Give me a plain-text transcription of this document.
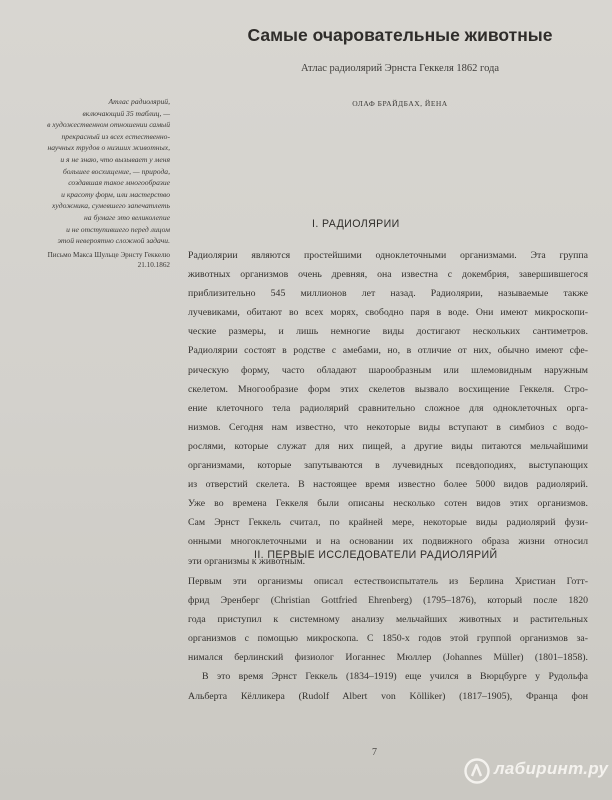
Самые очаровательные животные
Атлас радиолярий Эрнста Геккеля 1862 года
ОЛАФ БРАЙДБАХ, ЙЕНА
Атлас радиолярий,
включающий 35 таблиц, —
в художественном отношении самый
прекрасный из всех естественно-
научных трудов о низших животных,
и я не знаю, что вызывает у меня
большее восхищение, — природа,
создавшая такое многообразие
и красоту форм, или мастерство
художника, сумевшего запечатлеть
на бумаге это великолепие
и не отступившего перед лицом
этой невероятно сложной задачи.
Письмо Макса Шульце Эрнсту Геккелю
21.10.1862
I. РАДИОЛЯРИИ
Радиолярии являются простейшими одноклеточными организмами. Эта группа
животных организмов очень древняя, она известна с докембрия, завершившегося
приблизительно 545 миллионов лет назад. Радиолярии, называемые также
лучевиками, обитают во всех морях, свободно паря в воде. Они имеют микроскопи-
ческие размеры, и лишь немногие виды достигают нескольких сантиметров.
Радиолярии состоят в родстве с амебами, но, в отличие от них, обычно имеют сфе-
рическую форму, часто обладают шарообразным или шлемовидным наружным
скелетом. Многообразие форм этих скелетов вызвало восхищение Геккеля. Стро-
ение клеточного тела радиолярий сравнительно сложное для одноклеточных орга-
низмов. Сегодня нам известно, что некоторые виды вступают в симбиоз с водо-
рослями, которые служат для них пищей, а другие виды питаются мельчайшими
организмами, которые запутываются в лучевидных псевдоподиях, выступающих
из отверстий скелета. В настоящее время известно более 5000 видов радиолярий.
Уже во времена Геккеля были описаны несколько сотен видов этих организмов.
Сам Эрнст Геккель считал, по крайней мере, некоторые виды радиолярий фузи-
онными многоклеточными и на основании их подвижного образа жизни относил
эти организмы к животным.
II. ПЕРВЫЕ ИССЛЕДОВАТЕЛИ РАДИОЛЯРИЙ
Первым эти организмы описал естествоиспытатель из Берлина Христиан Готт-
фрид Эренберг (Christian Gottfried Ehrenberg) (1795–1876), который после 1820
года приступил к системному анализу мельчайших животных и растительных
организмов с помощью микроскопа. С 1850-х годов этой группой организмов за-
нимался берлинский физиолог Иоганнес Мюллер (Johannes Müller) (1801–1858).
В это время Эрнст Геккель (1834–1919) еще учился в Вюрцбурге у Рудольфа
Альберта Кёлликера (Rudolf Albert von Kölliker) (1817–1905), Франца фон
7
лабиринт.ру
